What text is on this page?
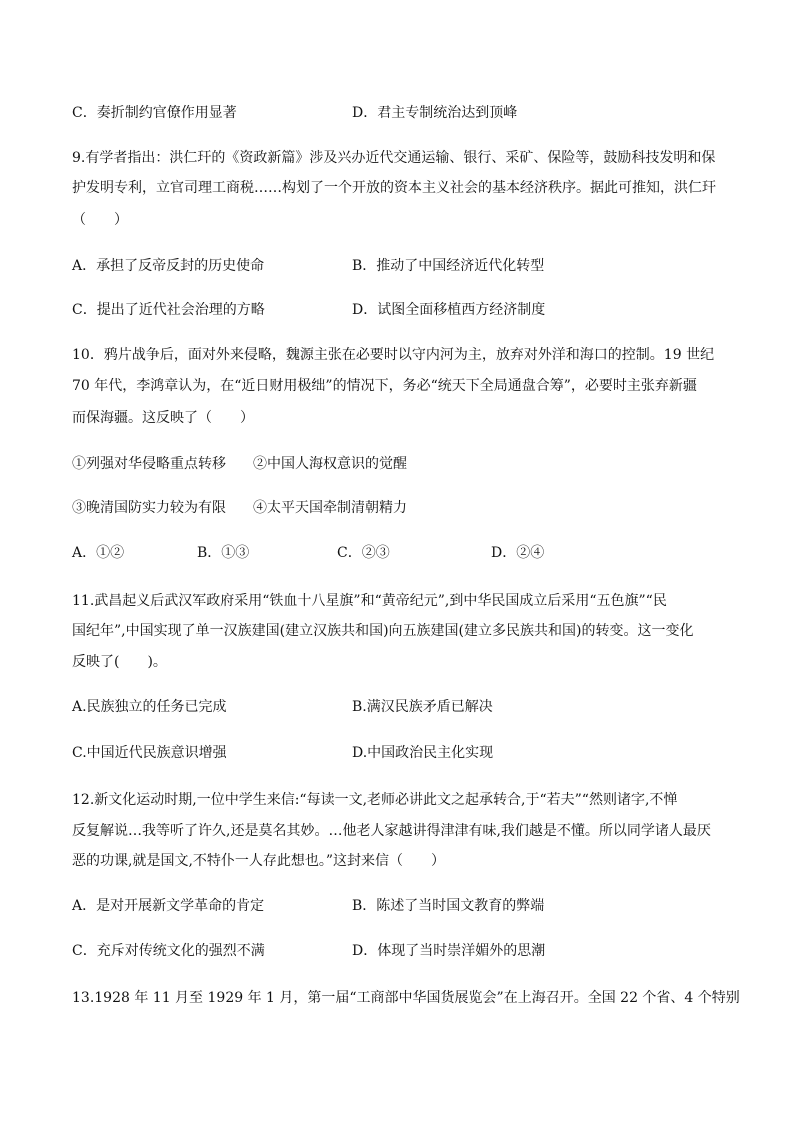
C．奏折制约官僚作用显著	D．君主专制统治达到顶峰
9.有学者指出：洪仁玕的《资政新篇》涉及兴办近代交通运输、银行、采矿、保险等，鼓励科技发明和保
护发明专利，立官司理工商税……构划了一个开放的资本主义社会的基本经济秩序。据此可推知，洪仁玕
（　　）
A．承担了反帝反封的历史使命	B．推动了中国经济近代化转型
C．提出了近代社会治理的方略	D．试图全面移植西方经济制度
10．鸦片战争后，面对外来侵略，魏源主张在必要时以守内河为主，放弃对外洋和海口的控制。19 世纪
70 年代，李鸿章认为，在“近日财用极绌”的情况下，务必“统天下全局通盘合筹”，必要时主张弃新疆
而保海疆。这反映了（　　）
①列强对华侵略重点转移 ②中国人海权意识的觉醒
③晚清国防实力较为有限 ④太平天国牵制清朝精力
A．①②	B．①③	C．②③	D．②④
11.武昌起义后武汉军政府采用“铁血十八星旗”和“黄帝纪元”,到中华民国成立后采用“五色旗”“民
国纪年”,中国实现了单一汉族建国(建立汉族共和国)向五族建国(建立多民族共和国)的转变。这一变化
反映了(　　)。
A.民族独立的任务已完成	B.满汉民族矛盾已解决
C.中国近代民族意识增强	D.中国政治民主化实现
12.新文化运动时期,一位中学生来信:“每读一文,老师必讲此文之起承转合,于“若夫”“然则诸字,不惮
反复解说…我等听了许久,还是莫名其妙。…他老人家越讲得津津有味,我们越是不懂。所以同学诸人最厌
恶的功课,就是国文,不特仆一人存此想也。”这封来信（　　）
A．是对开展新文学革命的肯定	B．陈述了当时国文教育的弊端
C．充斥对传统文化的强烈不满	D．体现了当时崇洋媚外的思潮
13.1928 年 11 月至 1929 年 1 月，第一届“工商部中华国货展览会”在上海召开。全国 22 个省、4 个特别
